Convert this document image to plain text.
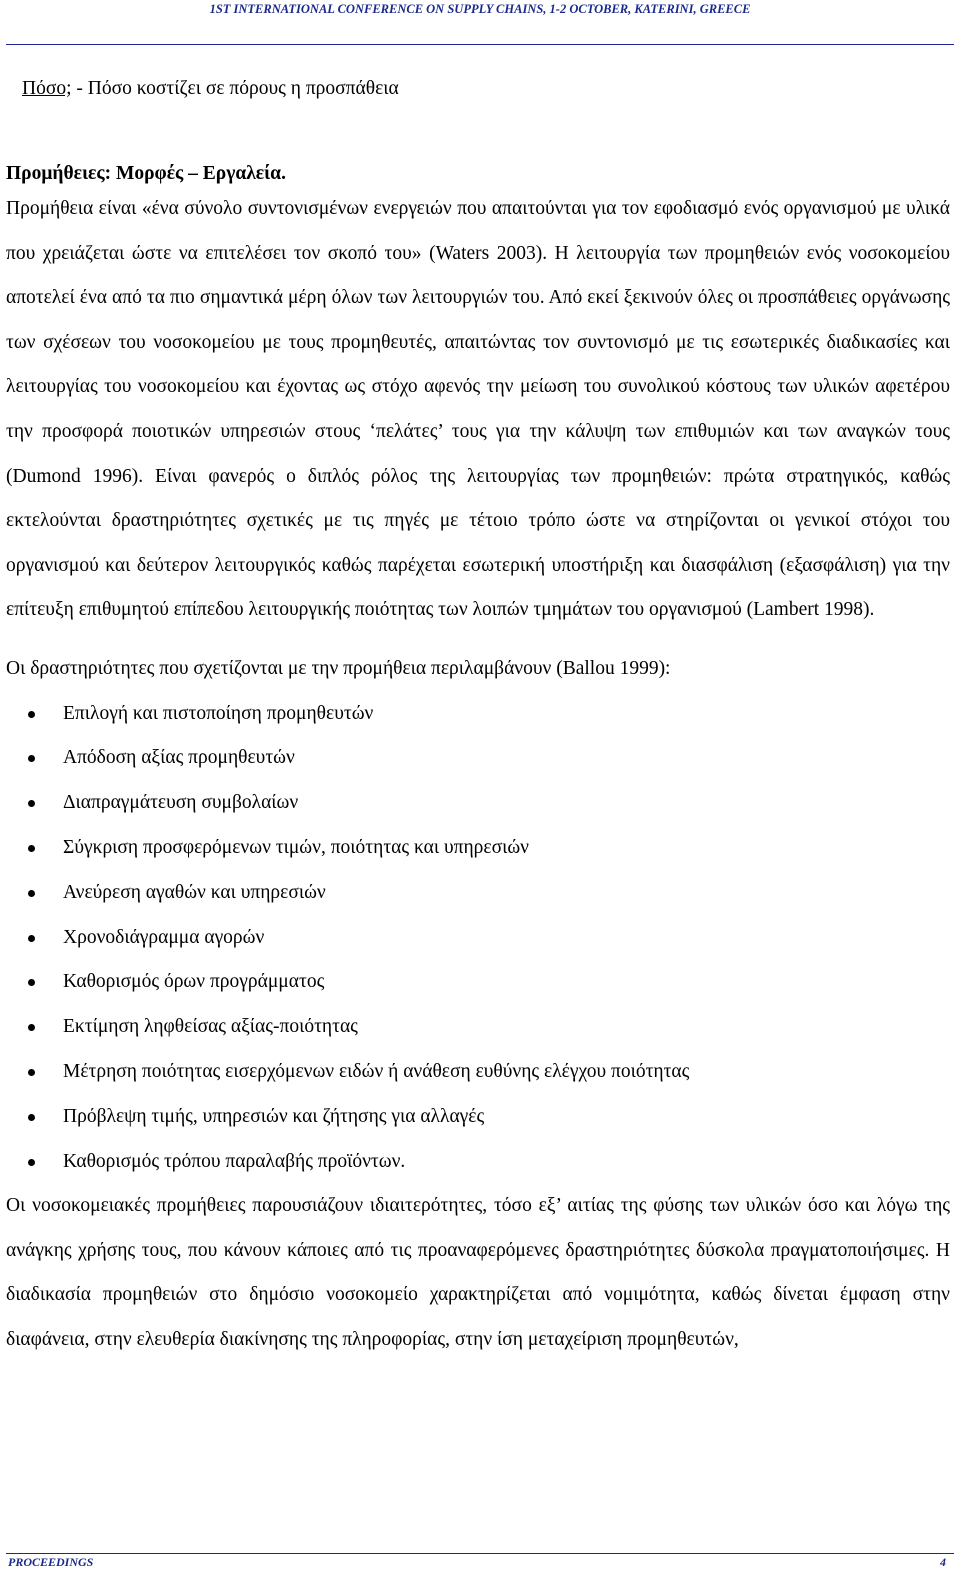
1ST INTERNATIONAL CONFERENCE ON SUPPLY CHAINS, 1-2 OCTOBER, KATERINI, GREECE
Πόσο; - Πόσο κοστίζει σε πόρους η προσπάθεια
Προμήθειες: Μορφές – Εργαλεία.

Προμήθεια είναι «ένα σύνολο συντονισμένων ενεργειών που απαιτούνται για τον εφοδιασμό ενός οργανισμού με υλικά που χρειάζεται ώστε να επιτελέσει τον σκοπό του» (Waters 2003). Η λειτουργία των προμηθειών ενός νοσοκομείου αποτελεί ένα από τα πιο σημαντικά μέρη όλων των λειτουργιών του. Από εκεί ξεκινούν όλες οι προσπάθειες οργάνωσης των σχέσεων του νοσοκομείου με τους προμηθευτές, απαιτώντας τον συντονισμό με τις εσωτερικές διαδικασίες και λειτουργίας του νοσοκομείου και έχοντας ως στόχο αφενός την μείωση του συνολικού κόστους των υλικών αφετέρου την προσφορά ποιοτικών υπηρεσιών στους ‘πελάτες’ τους για την κάλυψη των επιθυμιών και των αναγκών τους (Dumond 1996). Είναι φανερός ο διπλός ρόλος της λειτουργίας των προμηθειών: πρώτα στρατηγικός, καθώς εκτελούνται δραστηριότητες σχετικές με τις πηγές με τέτοιο τρόπο ώστε να στηρίζονται οι γενικοί στόχοι του οργανισμού και δεύτερον λειτουργικός καθώς παρέχεται εσωτερική υποστήριξη και διασφάλιση (εξασφάλιση) για την επίτευξη επιθυμητού επίπεδου λειτουργικής ποιότητας των λοιπών τμημάτων του οργανισμού (Lambert 1998).

Οι δραστηριότητες που σχετίζονται με την προμήθεια περιλαμβάνουν (Ballou 1999):
Επιλογή και πιστοποίηση προμηθευτών
Απόδοση αξίας προμηθευτών
Διαπραγμάτευση συμβολαίων
Σύγκριση προσφερόμενων τιμών, ποιότητας και υπηρεσιών
Ανεύρεση αγαθών και υπηρεσιών
Χρονοδιάγραμμα αγορών
Καθορισμός όρων προγράμματος
Εκτίμηση ληφθείσας αξίας-ποιότητας
Μέτρηση ποιότητας εισερχόμενων ειδών ή ανάθεση ευθύνης ελέγχου ποιότητας
Πρόβλεψη τιμής, υπηρεσιών και ζήτησης για αλλαγές
Καθορισμός τρόπου παραλαβής προϊόντων.

Οι νοσοκομειακές προμήθειες παρουσιάζουν ιδιαιτερότητες, τόσο εξ’ αιτίας της φύσης των υλικών όσο και λόγω της ανάγκης χρήσης τους, που κάνουν κάποιες από τις προαναφερόμενες δραστηριότητες δύσκολα πραγματοποιήσιμες. Η διαδικασία προμηθειών στο δημόσιο νοσοκομείο χαρακτηρίζεται από νομιμότητα, καθώς δίνεται έμφαση στην διαφάνεια, στην ελευθερία διακίνησης της πληροφορίας, στην ίση μεταχείριση προμηθευτών,

PROCEEDINGS	4
